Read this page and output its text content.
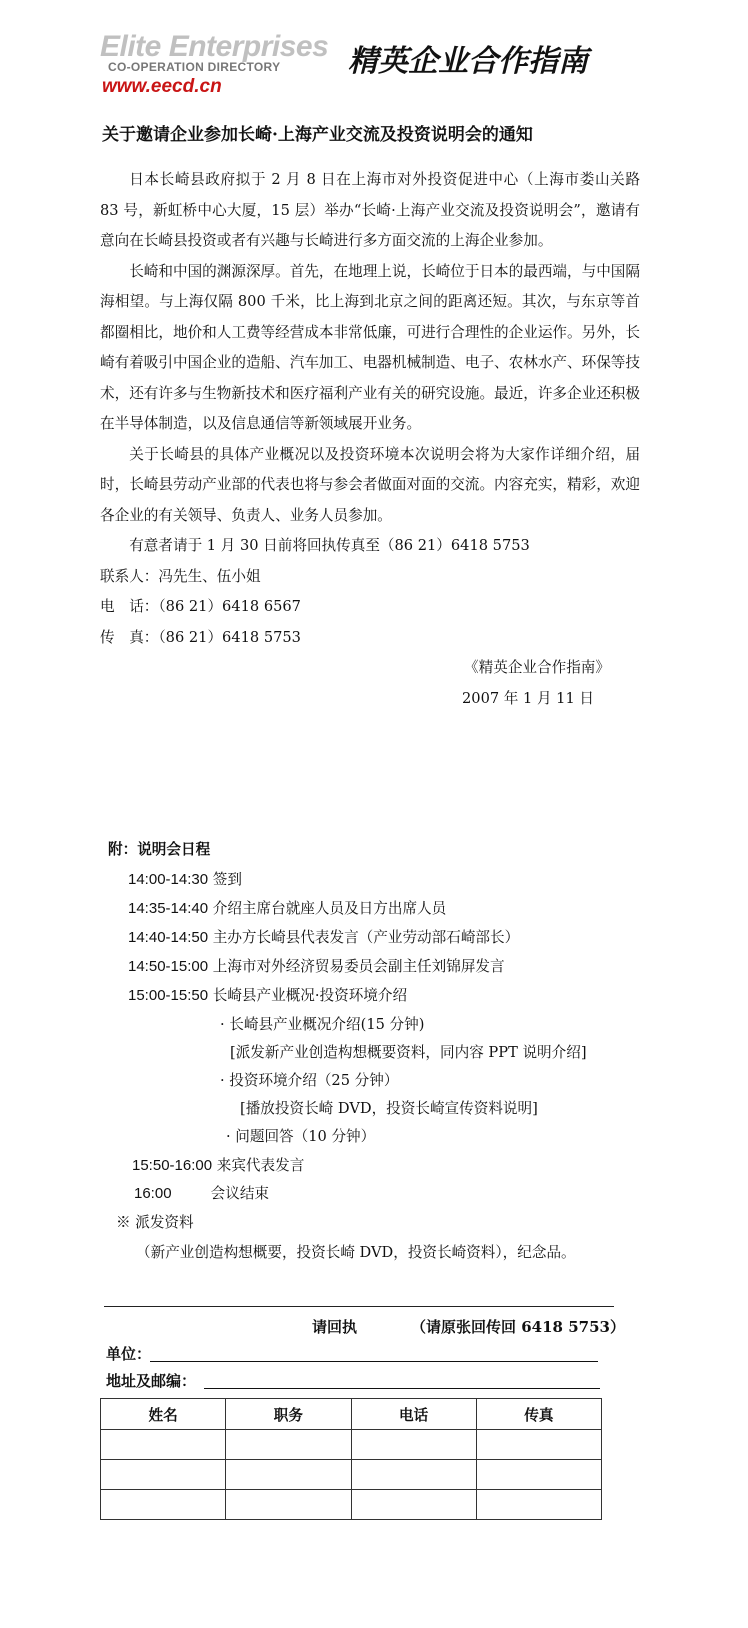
Elite Enterprises
CO-OPERATION DIRECTORY
www.eecd.cn
精英企业合作指南
关于邀请企业参加长崎·上海产业交流及投资说明会的通知

日本长崎县政府拟于 2 月 8 日在上海市对外投资促进中心（上海市娄山关路 83 号，新虹桥中心大厦，15 层）举办“长崎·上海产业交流及投资说明会”，邀请有意向在长崎县投资或者有兴趣与长崎进行多方面交流的上海企业参加。

长崎和中国的渊源深厚。首先，在地理上说，长崎位于日本的最西端，与中国隔海相望。与上海仅隔 800 千米，比上海到北京之间的距离还短。其次，与东京等首都圈相比，地价和人工费等经营成本非常低廉，可进行合理性的企业运作。另外，长崎有着吸引中国企业的造船、汽车加工、电器机械制造、电子、农林水产、环保等技术，还有许多与生物新技术和医疗福利产业有关的研究设施。最近，许多企业还积极在半导体制造，以及信息通信等新领域展开业务。

关于长崎县的具体产业概况以及投资环境本次说明会将为大家作详细介绍，届时，长崎县劳动产业部的代表也将与参会者做面对面的交流。内容充实，精彩，欢迎各企业的有关领导、负责人、业务人员参加。

有意者请于 1 月 30 日前将回执传真至（86 21）6418 5753

联系人：冯先生、伍小姐

电　话：（86 21）6418 6567

传　真：（86 21）6418 5753

《精英企业合作指南》

2007 年 1 月 11 日

附：说明会日程
14:00-14:30 签到
14:35-14:40 介绍主席台就座人员及日方出席人员
14:40-14:50 主办方长崎县代表发言（产业劳动部石崎部长）
14:50-15:00 上海市对外经济贸易委员会副主任刘锦屏发言
15:00-15:50 长崎县产业概况·投资环境介绍
· 长崎县产业概况介绍(15 分钟)
[派发新产业创造构想概要资料，同内容 PPT 说明介绍]
· 投资环境介绍（25 分钟）
[播放投资长崎 DVD，投资长崎宣传资料说明]
· 问题回答（10 分钟）
15:50-16:00 来宾代表发言
16:00	会议结束
※ 派发资料
（新产业创造构想概要，投资长崎 DVD，投资长崎资料），纪念品。
请回执	（请原张回传回 6418 5753）
单位：
地址及邮编：
姓名	职务	电话	传真
